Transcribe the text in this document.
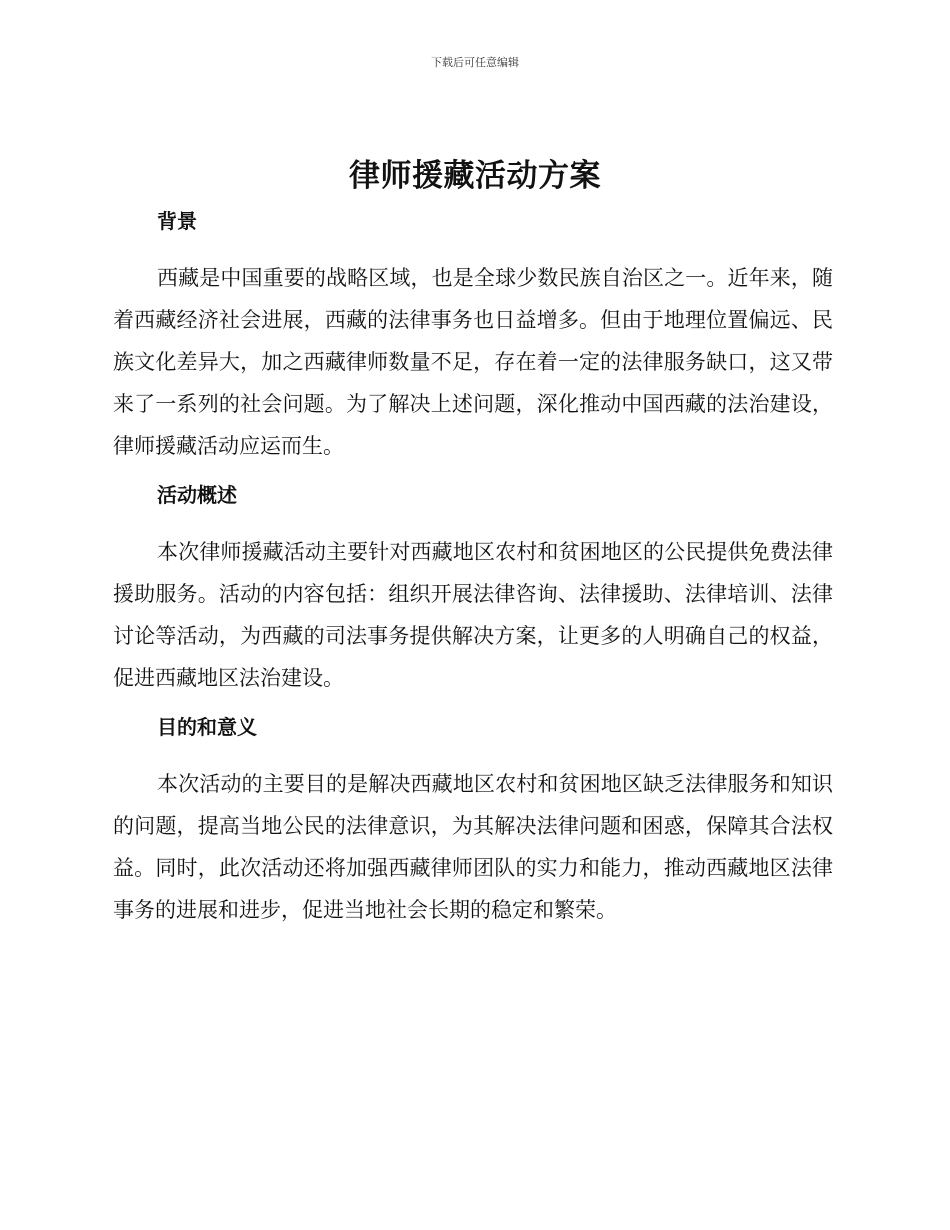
下载后可任意编辑
律师援藏活动方案
背景

西藏是中国重要的战略区域，也是全球少数民族自治区之一。近年来，随着西藏经济社会进展，西藏的法律事务也日益增多。但由于地理位置偏远、民族文化差异大，加之西藏律师数量不足，存在着一定的法律服务缺口，这又带来了一系列的社会问题。为了解决上述问题，深化推动中国西藏的法治建设，律师援藏活动应运而生。

活动概述

本次律师援藏活动主要针对西藏地区农村和贫困地区的公民提供免费法律援助服务。活动的内容包括：组织开展法律咨询、法律援助、法律培训、法律讨论等活动，为西藏的司法事务提供解决方案，让更多的人明确自己的权益，促进西藏地区法治建设。

目的和意义

本次活动的主要目的是解决西藏地区农村和贫困地区缺乏法律服务和知识的问题，提高当地公民的法律意识，为其解决法律问题和困惑，保障其合法权益。同时，此次活动还将加强西藏律师团队的实力和能力，推动西藏地区法律事务的进展和进步，促进当地社会长期的稳定和繁荣。
